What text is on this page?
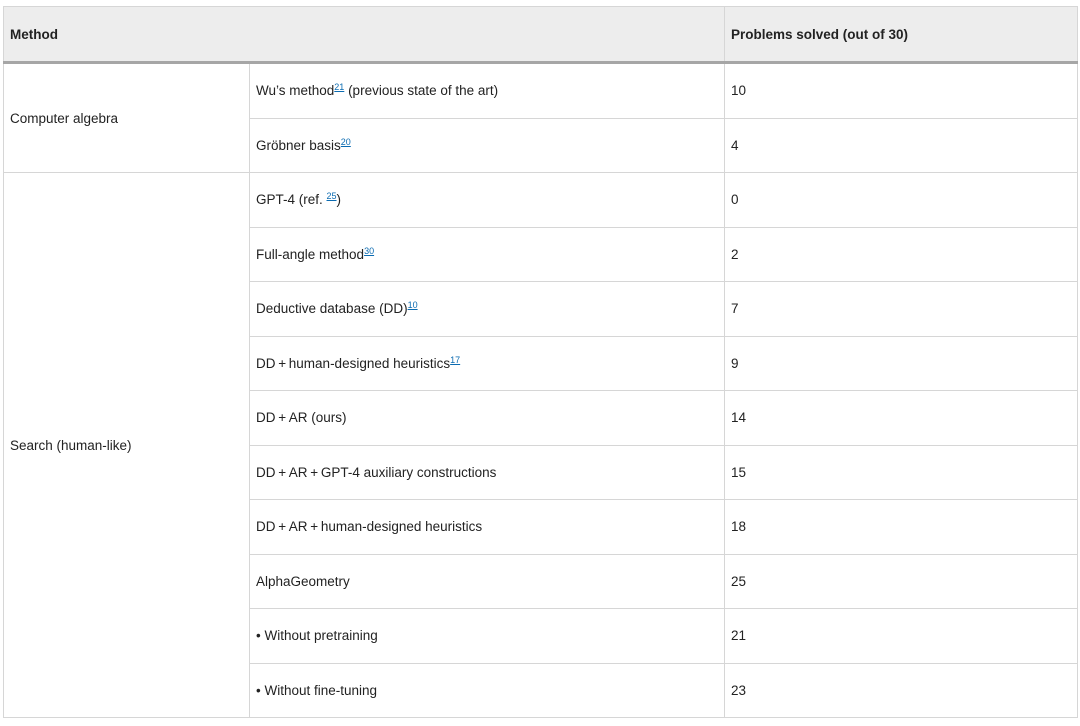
Method		Problems solved (out of 30)
Computer algebra	Wu’s method$^{21}$ (previous state of the art)	10
	Gröbner basis$^{20}$	4
Search (human-like)	GPT-4 (ref. $^{25}$)	0
	Full-angle method$^{30}$	2
	Deductive database (DD)$^{10}$	7
	DD + human-designed heuristics$^{17}$	9
	DD + AR (ours)	14
	DD + AR + GPT-4 auxiliary constructions	15
	DD + AR + human-designed heuristics	18
	AlphaGeometry	25
	• Without pretraining	21
	• Without fine-tuning	23
